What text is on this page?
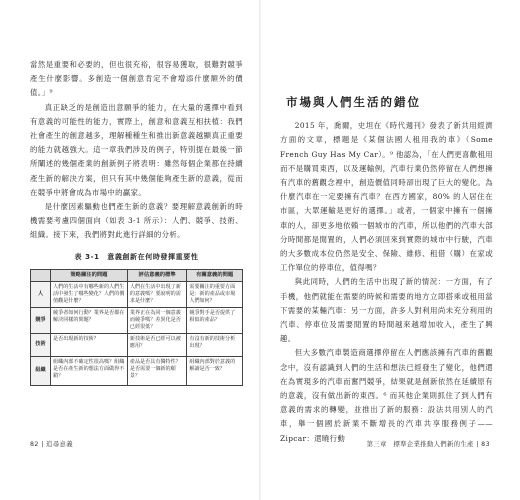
當然是重要和必要的，但也很充裕，很容易獲取，很難對競爭產生什麼影響。多創造一個創意肯定不會增添什麼額外的價值。」⁹

真正缺乏的是創造出意願爭的能力，在大量的選擇中看到有意義的可能性的能力，實際上，創意和意義互相扶植：我們社會產生的創意越多，理解種種生和推出新意義越顯真正重要的能力就越強大。這一章我們涉及的例子，特別提在最後一節所闡述的幾個產業的創新例子將表明：雖然每個企業都在持續產生新的解決方案，但只有其中幾個能夠產生新的意義，從而在競爭中將會成為市場中的贏家。

是什麼因素驅動也們產生新的意義？要理解意義創新的時機需要考慮四個面向（如表 3-1 所示）：人們、競爭、技術、組織。接下來，我們將對此進行詳細的分析。

表 3-1　意義創新在何時發揮重要性
	策略關注的問題	評估意義的標準	有關意義的問題
人	人們的生活中有哪些新的人們生活中發生了哪些變化？人們的價值觀是什麼？	人們在生活中出現了新的意義嗎？要說明的需求是什麼？	需要關注的重要方面是：新的產品或市場人們如何？
競爭	競爭者如何行動？業界是否都在解決同樣的問題？	業界正在為同一個意義而競爭嗎？差異化是否已經很低？	競爭對手是否提供了相似的產品？
技術	是否出現新的技術？	新技術是否已經可以被應用？	有沒有新的技術分析出現？
組織	組織內部不確定性很高嗎？組織是否在產生新的想法方面做得不錯？	產品是否具有獨特性？是否需要一個新的願景？	組織內部對於意義的解讀是否一致？
市場與人們生活的錯位

2015 年，喬爾，史坦在《時代週刊》發表了新共用經濟方面的文章，標題是《某個法國人租用我的車》（Some French Guy Has My Car）。⁹ 他認為，「在人們更喜歡租用而不是購買東西，以及運輸例，汽車行業仍然停留在人們想擁有汽車的舊觀念裡中，創造價值同時卻出現了巨大的變化。為什麼汽車在一定要擁有汽車？在西方國家，80% 的人居住在市區，大眾運輸是更好的選擇。」或者，一個家中擁有一個擁車的人，卻更多地依賴一個城市的汽車，所以他們的汽車大部分時間都是閒置的，人們必須回來到實際的城市中行駛，汽車的大多數成本位仍然是安全、保險、維修、租借（購）在家或工作單位的停車位，值得嗎？

與此同時，人們的生活中出現了新的情況：一方面，有了手機，他們就能在需要的時候和需要的地方立即搭乘或租用當下需要的某輛汽車：另一方面，許多人對利用尚未充分利用的汽車、停車位及需要閒置的時間越來越增加收入，產生了興趣。

但大多數汽車製造商選擇停留在人們應該擁有汽車的舊觀念中，沒有認識到人們的生活和想法已經發生了變化，他們還在為實現多的汽車而奮鬥競爭，結果就是創新依然在延續原有的意義，沒有做出新的東西。⁶ 而其他企業則抓住了到人們有意義的需求的轉變，並推出了新的服務：設法共用別人的汽車，舉一個國於新業不斷增長的汽車共享服務例子——Zipcar：還曉行動

82 | 追尋意義	第三章　標準企業推動人們新的生產 | 83
